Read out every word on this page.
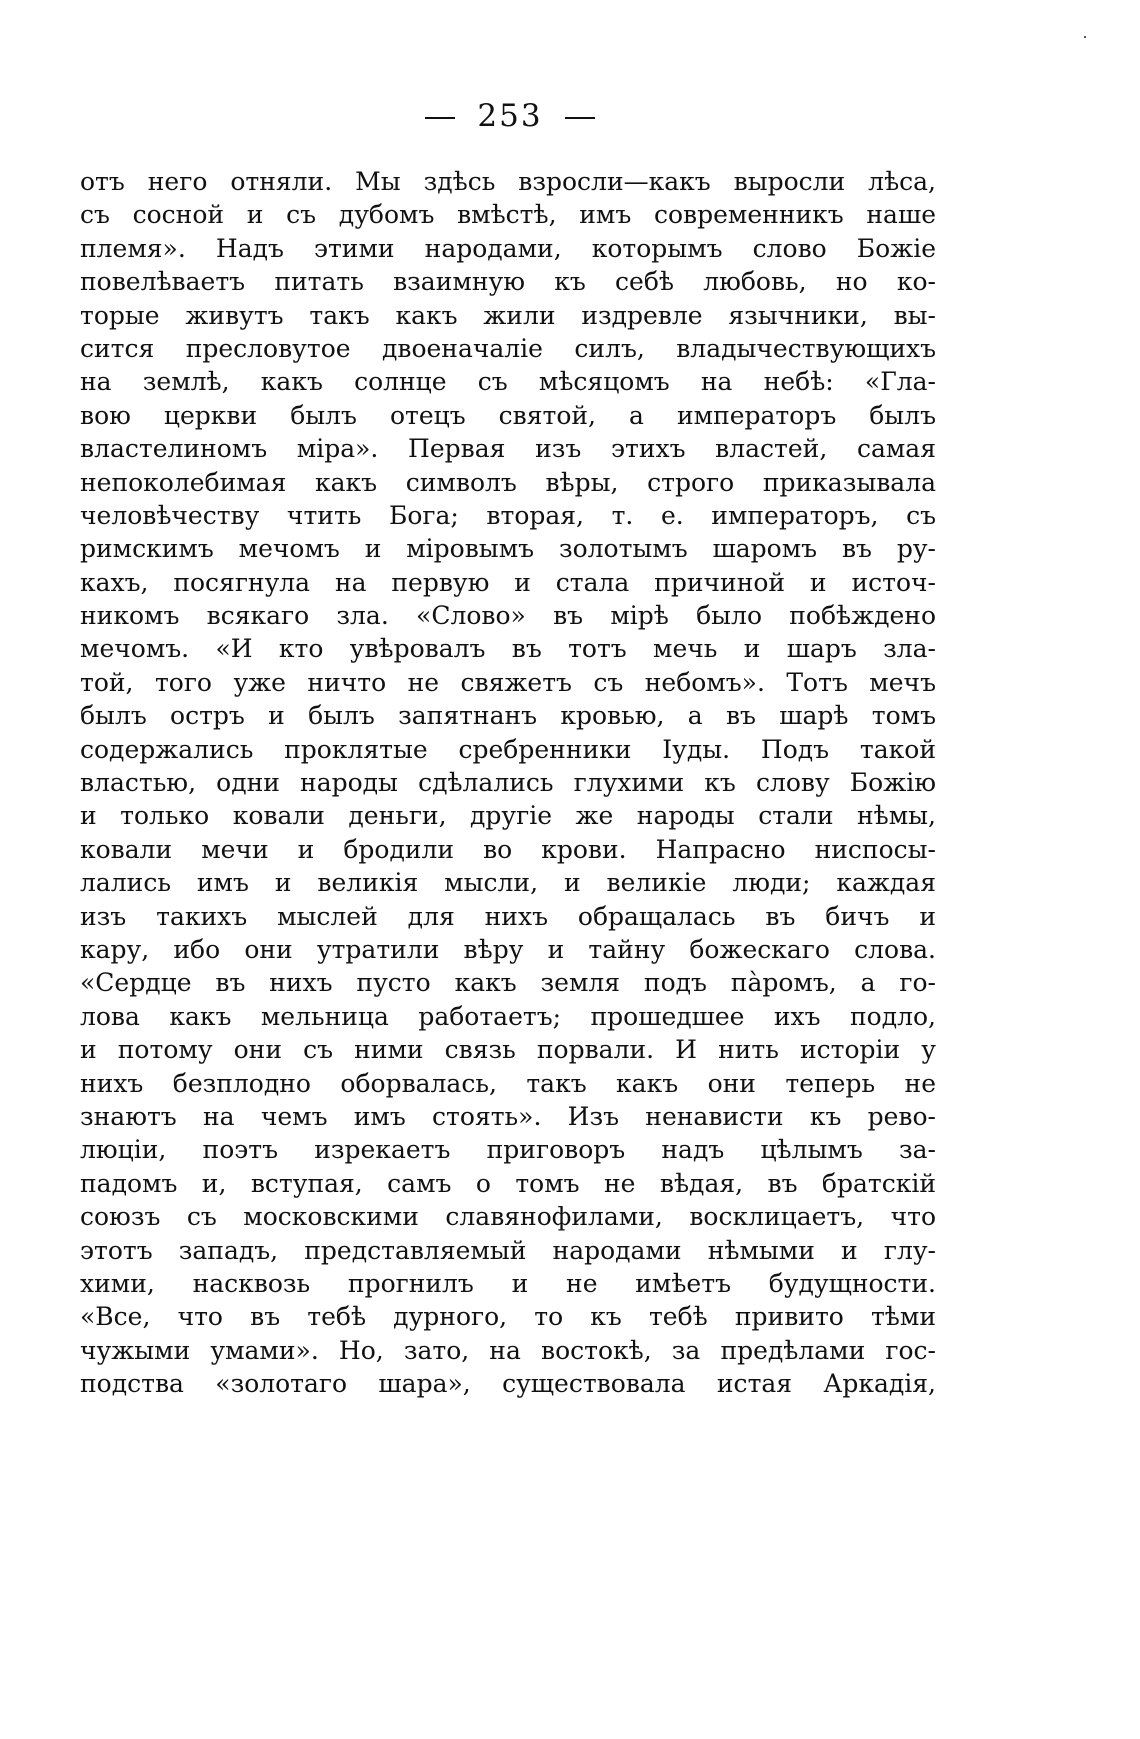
253
отъ него отняли. Мы здѣсь взросли—какъ выросли лѣса,
съ сосной и съ дубомъ вмѣстѣ, имъ современникъ наше
племя». Надъ этими народами, которымъ слово Божіе
повелѣваетъ питать взаимную къ себѣ любовь, но ко-
торые живутъ такъ какъ жили издревле язычники, вы-
сится пресловутое двоеначаліе силъ, владычествующихъ
на землѣ, какъ солнце съ мѣсяцомъ на небѣ: «Гла-
вою церкви былъ отецъ святой, а императоръ былъ
властелиномъ міра». Первая изъ этихъ властей, самая
непоколебимая какъ символъ вѣры, строго приказывала
человѣчеству чтить Бога; вторая, т. е. императоръ, съ
римскимъ мечомъ и міровымъ золотымъ шаромъ въ ру-
кахъ, посягнула на первую и стала причиной и источ-
никомъ всякаго зла. «Слово» въ мірѣ было побѣждено
мечомъ. «И кто увѣровалъ въ тотъ мечь и шаръ зла-
той, того уже ничто не свяжетъ съ небомъ». Тотъ мечъ
былъ остръ и былъ запятнанъ кровью, а въ шарѣ томъ
содержались проклятые сребренники Іуды. Подъ такой
властью, одни народы сдѣлались глухими къ слову Божію
и только ковали деньги, другіе же народы стали нѣмы,
ковали мечи и бродили во крови. Напрасно ниспосы-
лались имъ и великія мысли, и великіе люди; каждая
изъ такихъ мыслей для нихъ обращалась въ бичъ и
кару, ибо они утратили вѣру и тайну божескаго слова.
«Сердце въ нихъ пусто какъ земля подъ пàромъ, а го-
лова какъ мельница работаетъ; прошедшее ихъ подло,
и потому они съ ними связь порвали. И нить исторіи у
нихъ безплодно оборвалась, такъ какъ они теперь не
знаютъ на чемъ имъ стоять». Изъ ненависти къ рево-
люціи, поэтъ изрекаетъ приговоръ надъ цѣлымъ за-
падомъ и, вступая, самъ о томъ не вѣдая, въ братскій
союзъ съ московскими славянофилами, восклицаетъ, что
этотъ западъ, представляемый народами нѣмыми и глу-
хими, насквозь прогнилъ и не имѣетъ будущности.
«Все, что въ тебѣ дурного, то къ тебѣ привито тѣми
чужыми умами». Но, зато, на востокѣ, за предѣлами гос-
подства «золотаго шара», существовала истая Аркадія,
